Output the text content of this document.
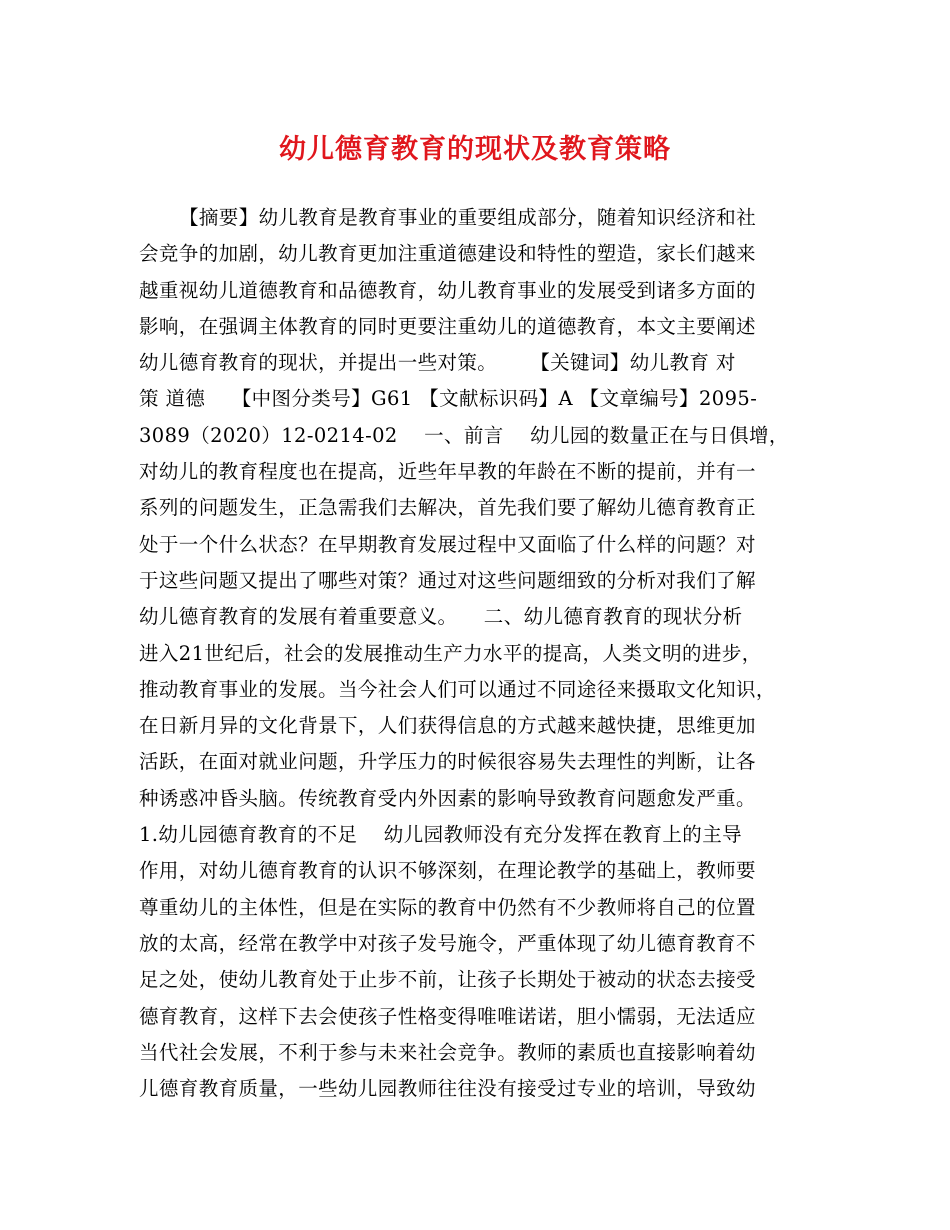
幼儿德育教育的现状及教育策略
【摘要】幼儿教育是教育事业的重要组成部分，随着知识经济和社
会竞争的加剧，幼儿教育更加注重道德建设和特性的塑造，家长们越来
越重视幼儿道德教育和品德教育，幼儿教育事业的发展受到诸多方面的
影响，在强调主体教育的同时更要注重幼儿的道德教育，本文主要阐述
幼儿德育教育的现状，并提出一些对策。     【关键词】幼儿教育 对
策 道德    【中图分类号】G61 【文献标识码】A 【文章编号】2095-
3089（2020）12-0214-02    一、前言    幼儿园的数量正在与日俱增，
对幼儿的教育程度也在提高，近些年早教的年龄在不断的提前，并有一
系列的问题发生，正急需我们去解决，首先我们要了解幼儿德育教育正
处于一个什么状态？在早期教育发展过程中又面临了什么样的问题？对
于这些问题又提出了哪些对策？通过对这些问题细致的分析对我们了解
幼儿德育教育的发展有着重要意义。    二、幼儿德育教育的现状分析
进入21世纪后，社会的发展推动生产力水平的提高，人类文明的进步，
推动教育事业的发展。当今社会人们可以通过不同途径来摄取文化知识，
在日新月异的文化背景下，人们获得信息的方式越来越快捷，思维更加
活跃，在面对就业问题，升学压力的时候很容易失去理性的判断，让各
种诱惑冲昏头脑。传统教育受内外因素的影响导致教育问题愈发严重。
1.幼儿园德育教育的不足    幼儿园教师没有充分发挥在教育上的主导
作用，对幼儿德育教育的认识不够深刻，在理论教学的基础上，教师要
尊重幼儿的主体性，但是在实际的教育中仍然有不少教师将自己的位置
放的太高，经常在教学中对孩子发号施令，严重体现了幼儿德育教育不
足之处，使幼儿教育处于止步不前，让孩子长期处于被动的状态去接受
德育教育，这样下去会使孩子性格变得唯唯诺诺，胆小懦弱，无法适应
当代社会发展，不利于参与未来社会竞争。教师的素质也直接影响着幼
儿德育教育质量，一些幼儿园教师往往没有接受过专业的培训，导致幼
